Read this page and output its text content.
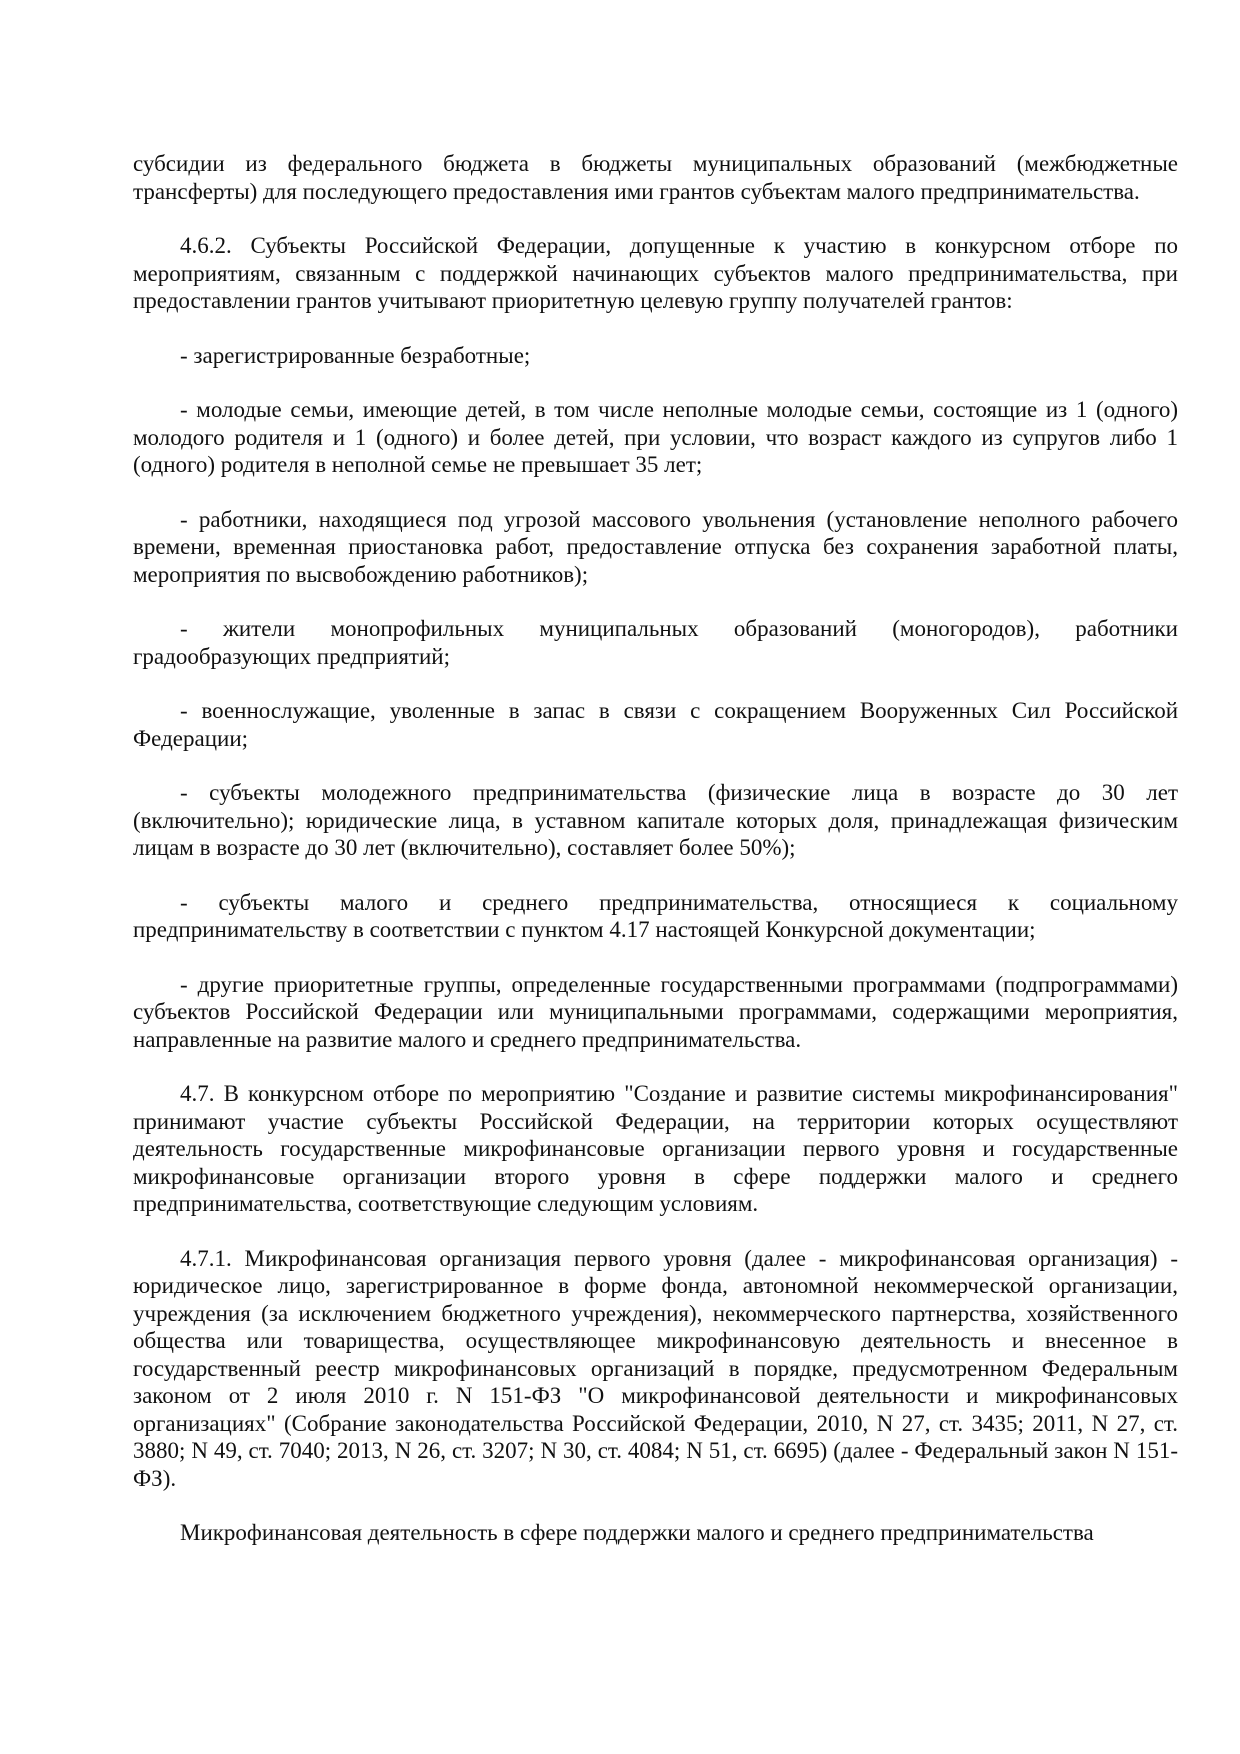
субсидии из федерального бюджета в бюджеты муниципальных образований (межбюджетные трансферты) для последующего предоставления ими грантов субъектам малого предпринимательства.

4.6.2. Субъекты Российской Федерации, допущенные к участию в конкурсном отборе по мероприятиям, связанным с поддержкой начинающих субъектов малого предпринимательства, при предоставлении грантов учитывают приоритетную целевую группу получателей грантов:

- зарегистрированные безработные;

- молодые семьи, имеющие детей, в том числе неполные молодые семьи, состоящие из 1 (одного) молодого родителя и 1 (одного) и более детей, при условии, что возраст каждого из супругов либо 1 (одного) родителя в неполной семье не превышает 35 лет;

- работники, находящиеся под угрозой массового увольнения (установление неполного рабочего времени, временная приостановка работ, предоставление отпуска без сохранения заработной платы, мероприятия по высвобождению работников);

- жители монопрофильных муниципальных образований (моногородов), работники градообразующих предприятий;

- военнослужащие, уволенные в запас в связи с сокращением Вооруженных Сил Российской Федерации;

- субъекты молодежного предпринимательства (физические лица в возрасте до 30 лет (включительно); юридические лица, в уставном капитале которых доля, принадлежащая физическим лицам в возрасте до 30 лет (включительно), составляет более 50%);

- субъекты малого и среднего предпринимательства, относящиеся к социальному предпринимательству в соответствии с пунктом 4.17 настоящей Конкурсной документации;

- другие приоритетные группы, определенные государственными программами (подпрограммами) субъектов Российской Федерации или муниципальными программами, содержащими мероприятия, направленные на развитие малого и среднего предпринимательства.

4.7. В конкурсном отборе по мероприятию "Создание и развитие системы микрофинансирования" принимают участие субъекты Российской Федерации, на территории которых осуществляют деятельность государственные микрофинансовые организации первого уровня и государственные микрофинансовые организации второго уровня в сфере поддержки малого и среднего предпринимательства, соответствующие следующим условиям.

4.7.1. Микрофинансовая организация первого уровня (далее - микрофинансовая организация) - юридическое лицо, зарегистрированное в форме фонда, автономной некоммерческой организации, учреждения (за исключением бюджетного учреждения), некоммерческого партнерства, хозяйственного общества или товарищества, осуществляющее микрофинансовую деятельность и внесенное в государственный реестр микрофинансовых организаций в порядке, предусмотренном Федеральным законом от 2 июля 2010 г. N 151-ФЗ "О микрофинансовой деятельности и микрофинансовых организациях" (Собрание законодательства Российской Федерации, 2010, N 27, ст. 3435; 2011, N 27, ст. 3880; N 49, ст. 7040; 2013, N 26, ст. 3207; N 30, ст. 4084; N 51, ст. 6695) (далее - Федеральный закон N 151-ФЗ).

Микрофинансовая деятельность в сфере поддержки малого и среднего предпринимательства
